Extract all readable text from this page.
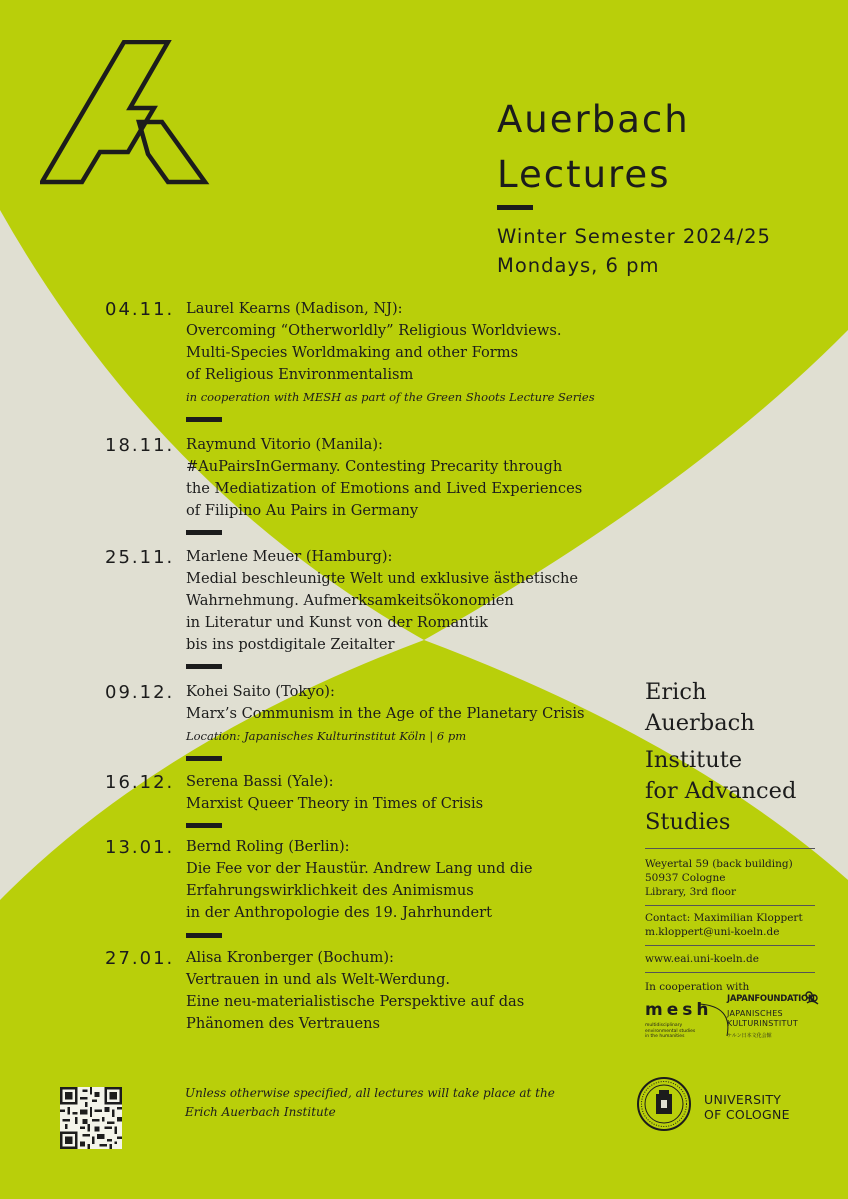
Auerbach
Lectures
Winter Semester 2024/25
Mondays, 6 pm
04.11. Laurel Kearns (Madison, NJ):
Overcoming “Otherworldly” Religious Worldviews.
Multi-Species Worldmaking and other Forms
of Religious Environmentalism
in cooperation with MESH as part of the Green Shoots Lecture Series
18.11. Raymund Vitorio (Manila):
#AuPairsInGermany. Contesting Precarity through
the Mediatization of Emotions and Lived Experiences
of Filipino Au Pairs in Germany
25.11. Marlene Meuer (Hamburg):
Medial beschleunigte Welt und exklusive ästhetische
Wahrnehmung. Aufmerksamkeitsökonomien
in Literatur und Kunst von der Romantik
bis ins postdigitale Zeitalter
09.12. Kohei Saito (Tokyo):
Marx’s Communism in the Age of the Planetary Crisis
Location: Japanisches Kulturinstitut Köln | 6 pm
16.12. Serena Bassi (Yale):
Marxist Queer Theory in Times of Crisis
13.01. Bernd Roling (Berlin):
Die Fee vor der Haustür. Andrew Lang und die
Erfahrungswirklichkeit des Animismus
in der Anthropologie des 19. Jahrhundert
27.01. Alisa Kronberger (Bochum):
Vertrauen in und als Welt-Werdung.
Eine neu-materialistische Perspektive auf das
Phänomen des Vertrauens
Erich
Auerbach
Institute
for Advanced
Studies
Weyertal 59 (back building)
50937 Cologne
Library, 3rd floor
Contact: Maximilian Kloppert
m.kloppert@uni-koeln.de
www.eai.uni-koeln.de
In cooperation with
mesh
multidisciplinary
environmental studies
in the humanities
JAPANFOUNDATION
JAPANISCHES
KULTURINSTITUT
ケルン日本文化会館
Unless otherwise specified, all lectures will take place at the
Erich Auerbach Institute
UNIVERSITY
OF COLOGNE
